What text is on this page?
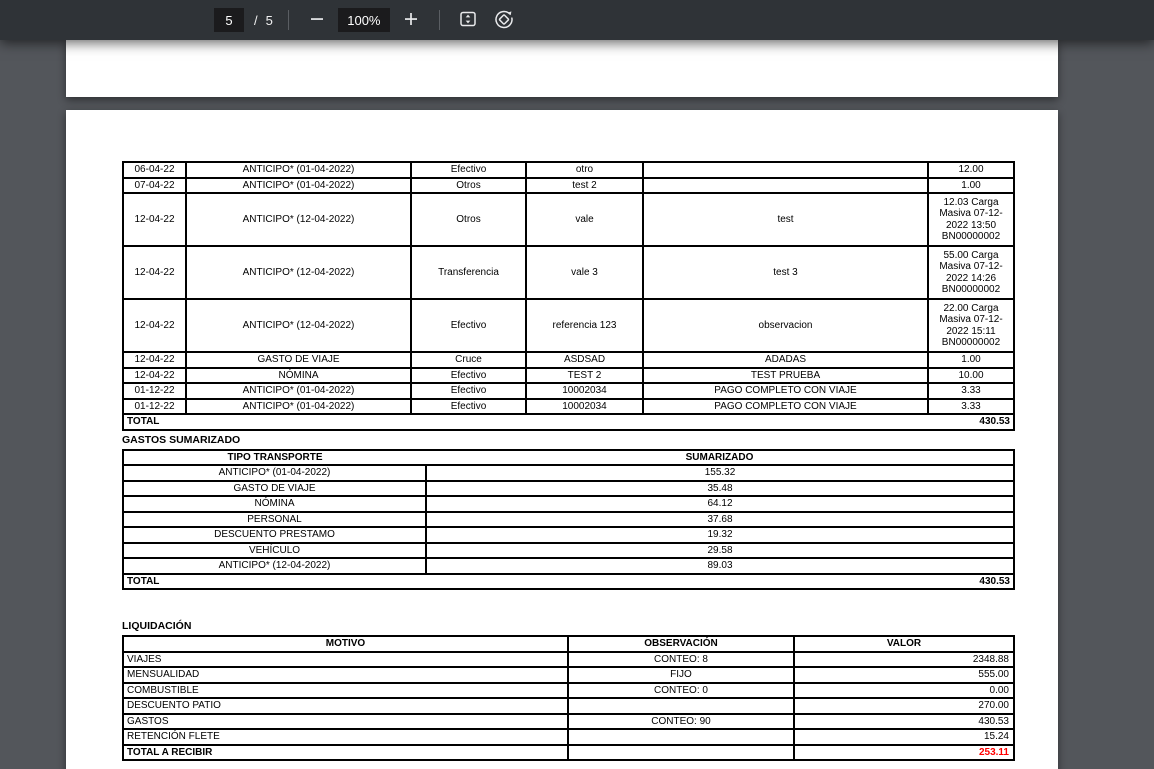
5
/ 5	100%
06-04-22	ANTICIPO* (01-04-2022)	Efectivo	otro		12.00
07-04-22	ANTICIPO* (01-04-2022)	Otros	test 2		1.00
12-04-22	ANTICIPO* (12-04-2022)	Otros	vale	test	12.03 Carga Masiva 07-12-2022 13:50 BN00000002
12-04-22	ANTICIPO* (12-04-2022)	Transferencia	vale 3	test 3	55.00 Carga Masiva 07-12-2022 14:26 BN00000002
12-04-22	ANTICIPO* (12-04-2022)	Efectivo	referencia 123	observacion	22.00 Carga Masiva 07-12-2022 15:11 BN00000002
12-04-22	GASTO DE VIAJE	Cruce	ASDSAD	ADADAS	1.00
12-04-22	NÓMINA	Efectivo	TEST 2	TEST PRUEBA	10.00
01-12-22	ANTICIPO* (01-04-2022)	Efectivo	10002034	PAGO COMPLETO CON VIAJE	3.33
01-12-22	ANTICIPO* (01-04-2022)	Efectivo	10002034	PAGO COMPLETO CON VIAJE	3.33

TOTAL 430.53					
GASTOS SUMARIZADO
TIPO TRANSPORTE	SUMARIZADO
ANTICIPO* (01-04-2022)	155.32
GASTO DE VIAJE	35.48
NÓMINA	64.12
PERSONAL	37.68
DESCUENTO PRESTAMO	19.32
VEHÍCULO	29.58
ANTICIPO* (12-04-2022)	89.03

TOTAL 430.53	
LIQUIDACIÓN
MOTIVO	OBSERVACIÓN	VALOR
VIAJES	CONTEO: 8	2348.88
MENSUALIDAD	FIJO	555.00
COMBUSTIBLE	CONTEO: 0	0.00
DESCUENTO PATIO		270.00
GASTOS	CONTEO: 90	430.53
RETENCIÓN FLETE		15.24
TOTAL A RECIBIR		253.11
